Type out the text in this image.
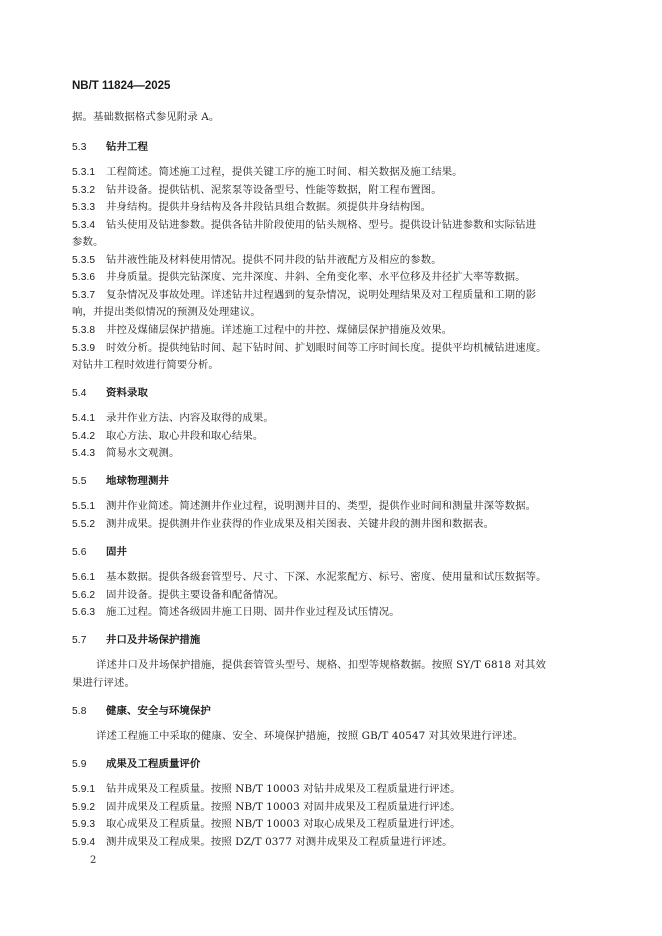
NB/T 11824—2025
据。基础数据格式参见附录 A。
5.3 钻井工程
5.3.1 工程简述。简述施工过程，提供关键工序的施工时间、相关数据及施工结果。
5.3.2 钻井设备。提供钻机、泥浆泵等设备型号、性能等数据，附工程布置图。
5.3.3 井身结构。提供井身结构及各井段钻具组合数据。须提供井身结构图。
5.3.4 钻头使用及钻进参数。提供各钻井阶段使用的钻头规格、型号。提供设计钻进参数和实际钻进
参数。
5.3.5 钻井液性能及材料使用情况。提供不同井段的钻井液配方及相应的参数。
5.3.6 井身质量。提供完钻深度、完井深度、井斜、全角变化率、水平位移及井径扩大率等数据。
5.3.7 复杂情况及事故处理。详述钻井过程遇到的复杂情况，说明处理结果及对工程质量和工期的影
响，并提出类似情况的预测及处理建议。
5.3.8 井控及煤储层保护措施。详述施工过程中的井控、煤储层保护措施及效果。
5.3.9 时效分析。提供纯钻时间、起下钻时间、扩划眼时间等工序时间长度。提供平均机械钻进速度。
对钻井工程时效进行简要分析。
5.4 资料录取
5.4.1 录井作业方法、内容及取得的成果。
5.4.2 取心方法、取心井段和取心结果。
5.4.3 简易水文观测。
5.5 地球物理测井
5.5.1 测井作业简述。简述测井作业过程，说明测井目的、类型，提供作业时间和测量井深等数据。
5.5.2 测井成果。提供测井作业获得的作业成果及相关图表、关键井段的测井图和数据表。
5.6 固井
5.6.1 基本数据。提供各级套管型号、尺寸、下深、水泥浆配方、标号、密度、使用量和试压数据等。
5.6.2 固井设备。提供主要设备和配备情况。
5.6.3 施工过程。简述各级固井施工日期、固井作业过程及试压情况。
5.7 井口及井场保护措施
详述井口及井场保护措施，提供套管管头型号、规格、扣型等规格数据。按照 SY/T 6818 对其效
果进行评述。
5.8 健康、安全与环境保护
详述工程施工中采取的健康、安全、环境保护措施，按照 GB/T 40547 对其效果进行评述。
5.9 成果及工程质量评价
5.9.1 钻井成果及工程质量。按照 NB/T 10003 对钻井成果及工程质量进行评述。
5.9.2 固井成果及工程质量。按照 NB/T 10003 对固井成果及工程质量进行评述。
5.9.3 取心成果及工程质量。按照 NB/T 10003 对取心成果及工程质量进行评述。
5.9.4 测井成果及工程成果。按照 DZ/T 0377 对测井成果及工程质量进行评述。
2
